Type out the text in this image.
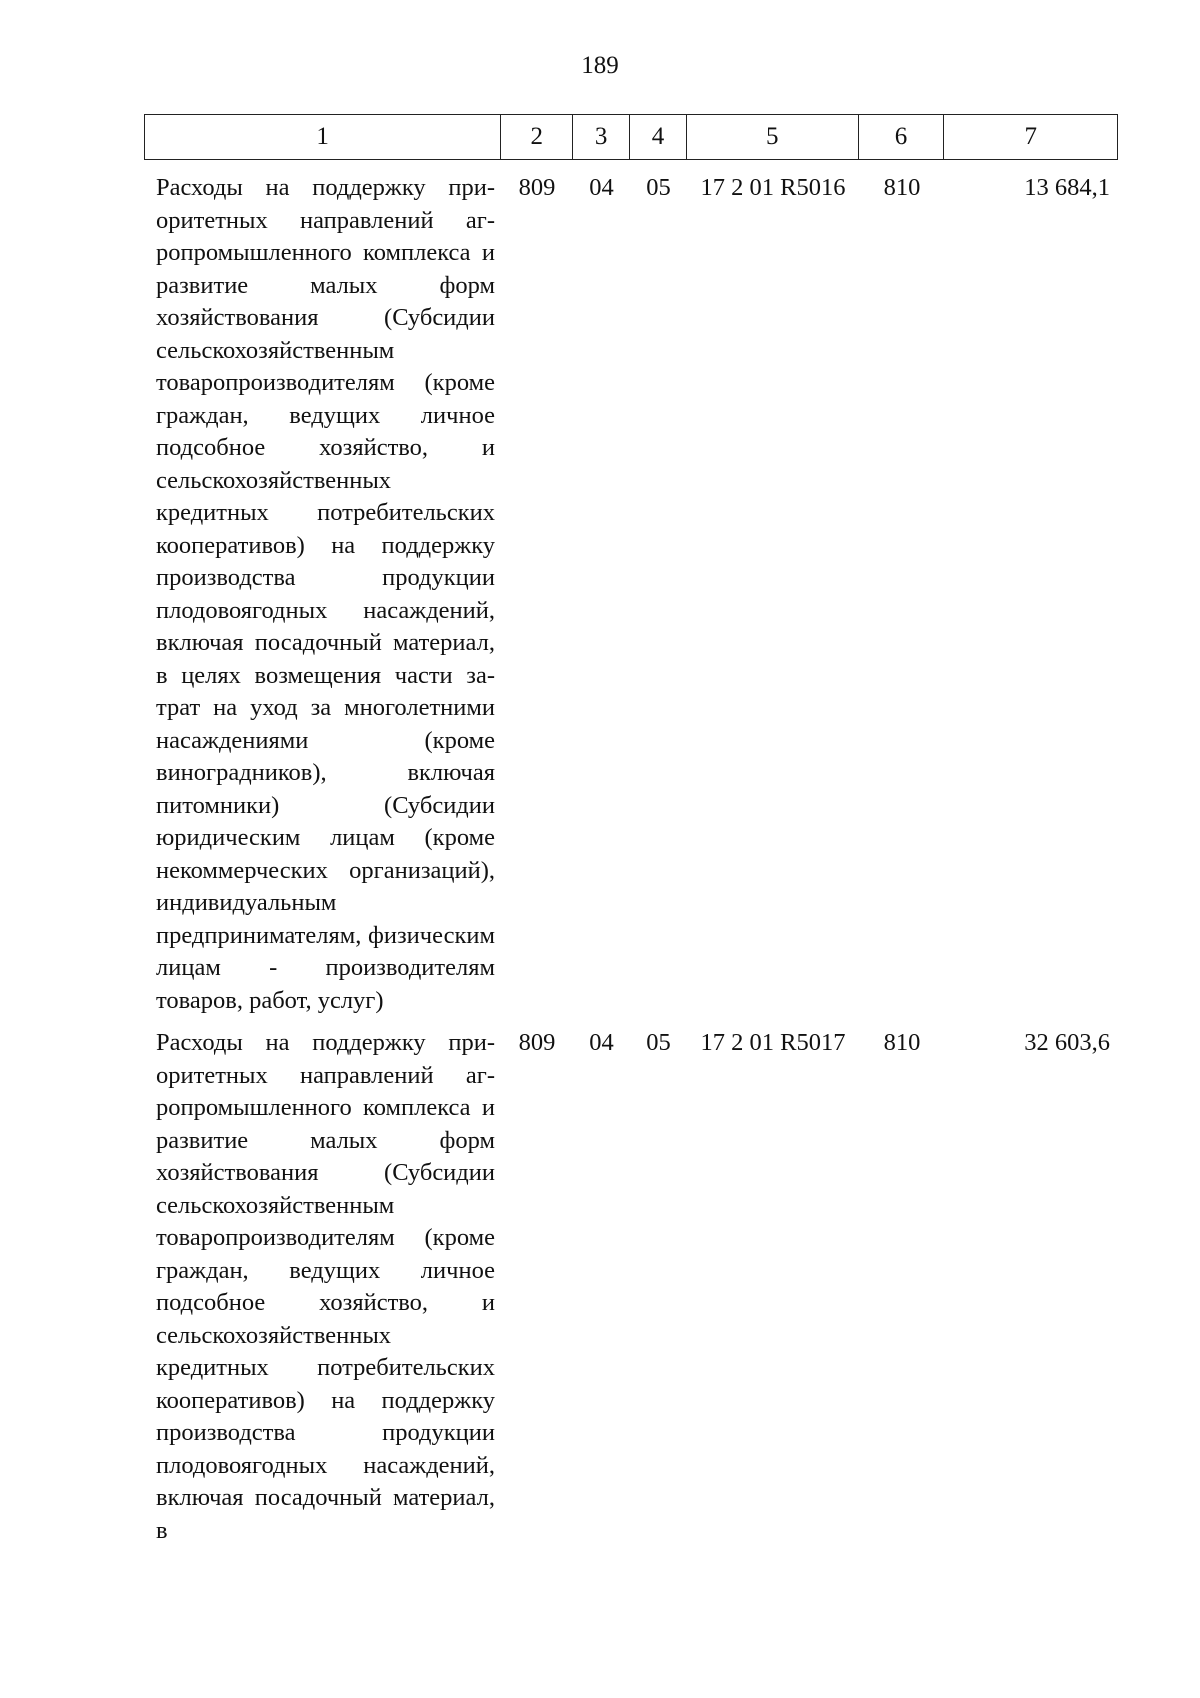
189
1	2	3	4	5	6	7
Расходы на поддержку приоритетных направлений агропромышленного комплекса и развитие малых форм хозяйствования (Субсидии сельскохозяйственным товаропроизводителям (кроме граждан, ведущих личное подсобное хозяйство, и сельскохозяйственных кредитных потребительских кооперативов) на поддержку производства продукции плодовоягодных насаждений, включая посадочный материал, в целях возмещения части затрат на уход за многолетними насаждениями (кроме виноградников), включая питомники) (Субсидии юридическим лицам (кроме некоммерческих организаций), индивидуальным предпринимателям, физическим лицам - производителям товаров, работ, услуг)
809	04	05	17 2 01 R5016	810	13 684,1
Расходы на поддержку приоритетных направлений агропромышленного комплекса и развитие малых форм хозяйствования (Субсидии сельскохозяйственным товаропроизводителям (кроме граждан, ведущих личное подсобное хозяйство, и сельскохозяйственных кредитных потребительских кооперативов) на поддержку производства продукции плодовоягодных насаждений, включая посадочный материал, в
809	04	05	17 2 01 R5017	810	32 603,6
